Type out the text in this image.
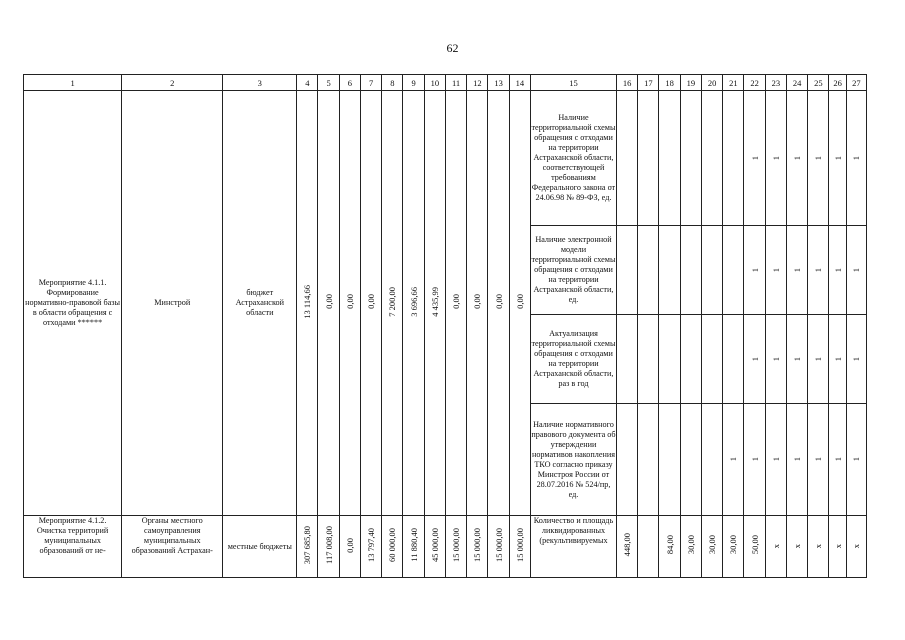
62
1	2	3	4	5	6	7	8	9	10	11	12	13	14	15	16	17	18	19	20	21	22	23	24	25	26	27
Мероприятие 4.1.1. Формирование нормативно-правовой базы в области обращения с отходами ******	Минстрой	бюджет Астраханской области	13 114,66	0,00	0,00	0,00	7 200,00	3 696,66	4 435,99	0,00	0,00	0,00	0,00	Наличие территориальной схемы обращения с отходами на территории Астраханской области, соответствующей требованиям Федерального закона от 24.06.98 № 89-ФЗ, ед.							1	1	1	1	1	1
														Наличие электронной модели территориальной схемы обращения с отходами на территории Астраханской области, ед.							1	1	1	1	1	1
														Актуализация территориальной схемы обращения с отходами на территории Астраханской области, раз в год							1	1	1	1	1	1
														Наличие нормативного правового документа об утверждении нормативов накопления ТКО согласно приказу Минстроя России от 28.07.2016 № 524/пр, ед.						1	1	1	1	1	1	1
Мероприятие 4.1.2. Очистка территорий муниципальных образований от не-	Органы местного самоуправления муниципальных образований Астрахан-	местные бюджеты	307 685,80	117 008,00	0,00	13 797,40	60 000,00	11 880,40	45 000,00	15 000,00	15 000,00	15 000,00	15 000,00	Количество и площадь ликвидированных (рекультивируемых	448,00		84,00	30,00	30,00	30,00	50,00	x	x	x	x	x
